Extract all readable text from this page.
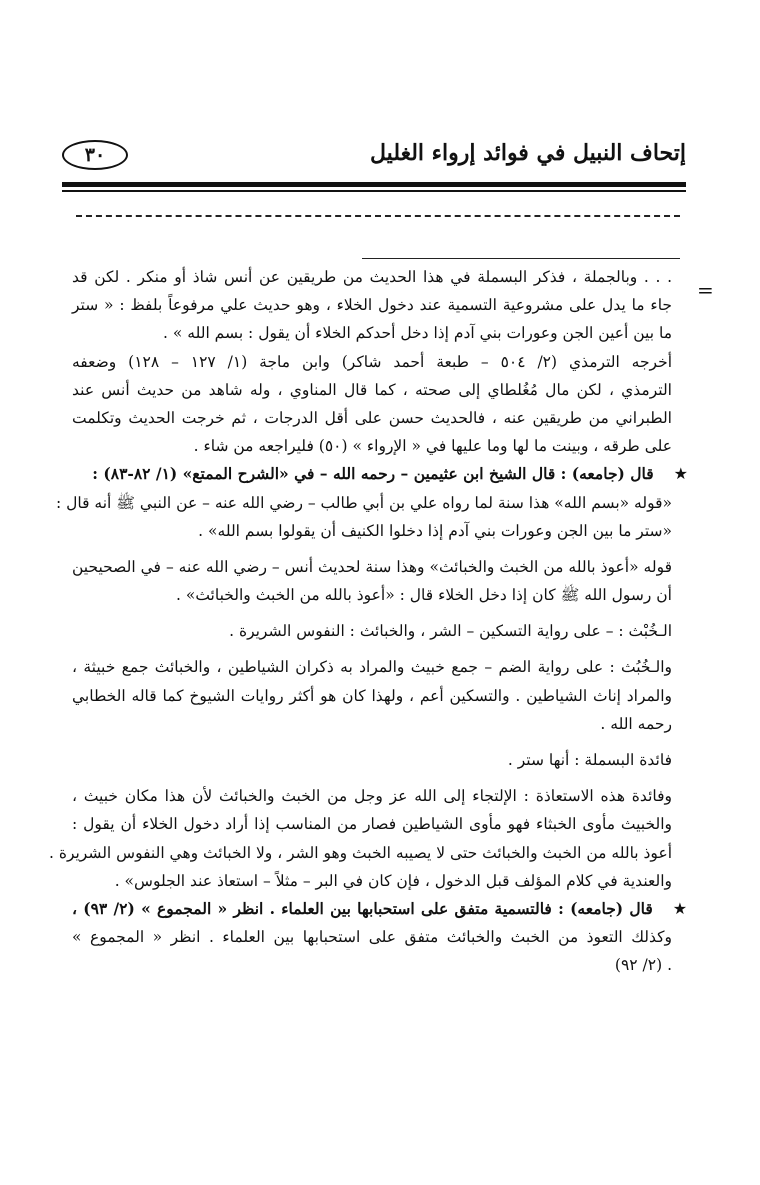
إتحاف النبيل في فوائد إرواء الغليل
٣٠
=
. . . وبالجملة ، فذكر البسملة في هذا الحديث من طريقين عن أنس شاذ أو منكر . لكن قد
جاء ما يدل على مشروعية التسمية عند دخول الخلاء ، وهو حديث علي مرفوعاً بلفظ : « ستر
ما بين أعين الجن وعورات بني آدم إذا دخل أحدكم الخلاء أن يقول : بسم الله » .
أخرجه الترمذي (٢/ ٥٠٤ – طبعة أحمد شاكر) وابن ماجة (١/ ١٢٧ – ١٢٨) وضعفه
الترمذي ، لكن مال مُغُلطاي إلى صحته ، كما قال المناوي ، وله شاهد من حديث أنس عند
الطبراني من طريقين عنه ، فالحديث حسن على أقل الدرجات ، ثم خرجت الحديث وتكلمت
على طرقه ، وبينت ما لها وما عليها في « الإرواء » (٥٠) فليراجعه من شاء .
★قال (جامعه) : قال الشيخ ابن عثيمين – رحمه الله – في «الشرح الممتع» (١/ ٨٢-٨٣) :
«قوله «بسم الله» هذا سنة لما رواه علي بن أبي طالب – رضي الله عنه – عن النبي ﷺ أنه قال :
«ستر ما بين الجن وعورات بني آدم إذا دخلوا الكنيف أن يقولوا بسم الله» .
قوله «أعوذ بالله من الخبث والخبائث» وهذا سنة لحديث أنس – رضي الله عنه – في الصحيحين
أن رسول الله ﷺ كان إذا دخل الخلاء قال : «أعوذ بالله من الخبث والخبائث» .
الـخُبْث : – على رواية التسكين – الشر ، والخبائث : النفوس الشريرة .
والـخُبُث : على رواية الضم – جمع خبيث والمراد به ذكران الشياطين ، والخبائث جمع خبيثة ،
والمراد إناث الشياطين . والتسكين أعم ، ولهذا كان هو أكثر روايات الشيوخ كما قاله الخطابي
رحمه الله .
فائدة البسملة : أنها ستر .
وفائدة هذه الاستعاذة : الإلتجاء إلى الله عز وجل من الخبث والخبائث لأن هذا مكان خبيث ،
والخبيث مأوى الخبثاء فهو مأوى الشياطين فصار من المناسب إذا أراد دخول الخلاء أن يقول :
أعوذ بالله من الخبث والخبائث حتى لا يصيبه الخبث وهو الشر ، ولا الخبائث وهي النفوس الشريرة .
والعندية في كلام المؤلف قبل الدخول ، فإن كان في البر – مثلاً – استعاذ عند الجلوس» .
★قال (جامعه) : فالتسمية متفق على استحبابها بين العلماء . انظر « المجموع » (٢/ ٩٣) ،
وكذلك التعوذ من الخبث والخبائث متفق على استحبابها بين العلماء . انظر « المجموع »
. (٢/ ٩٢)
